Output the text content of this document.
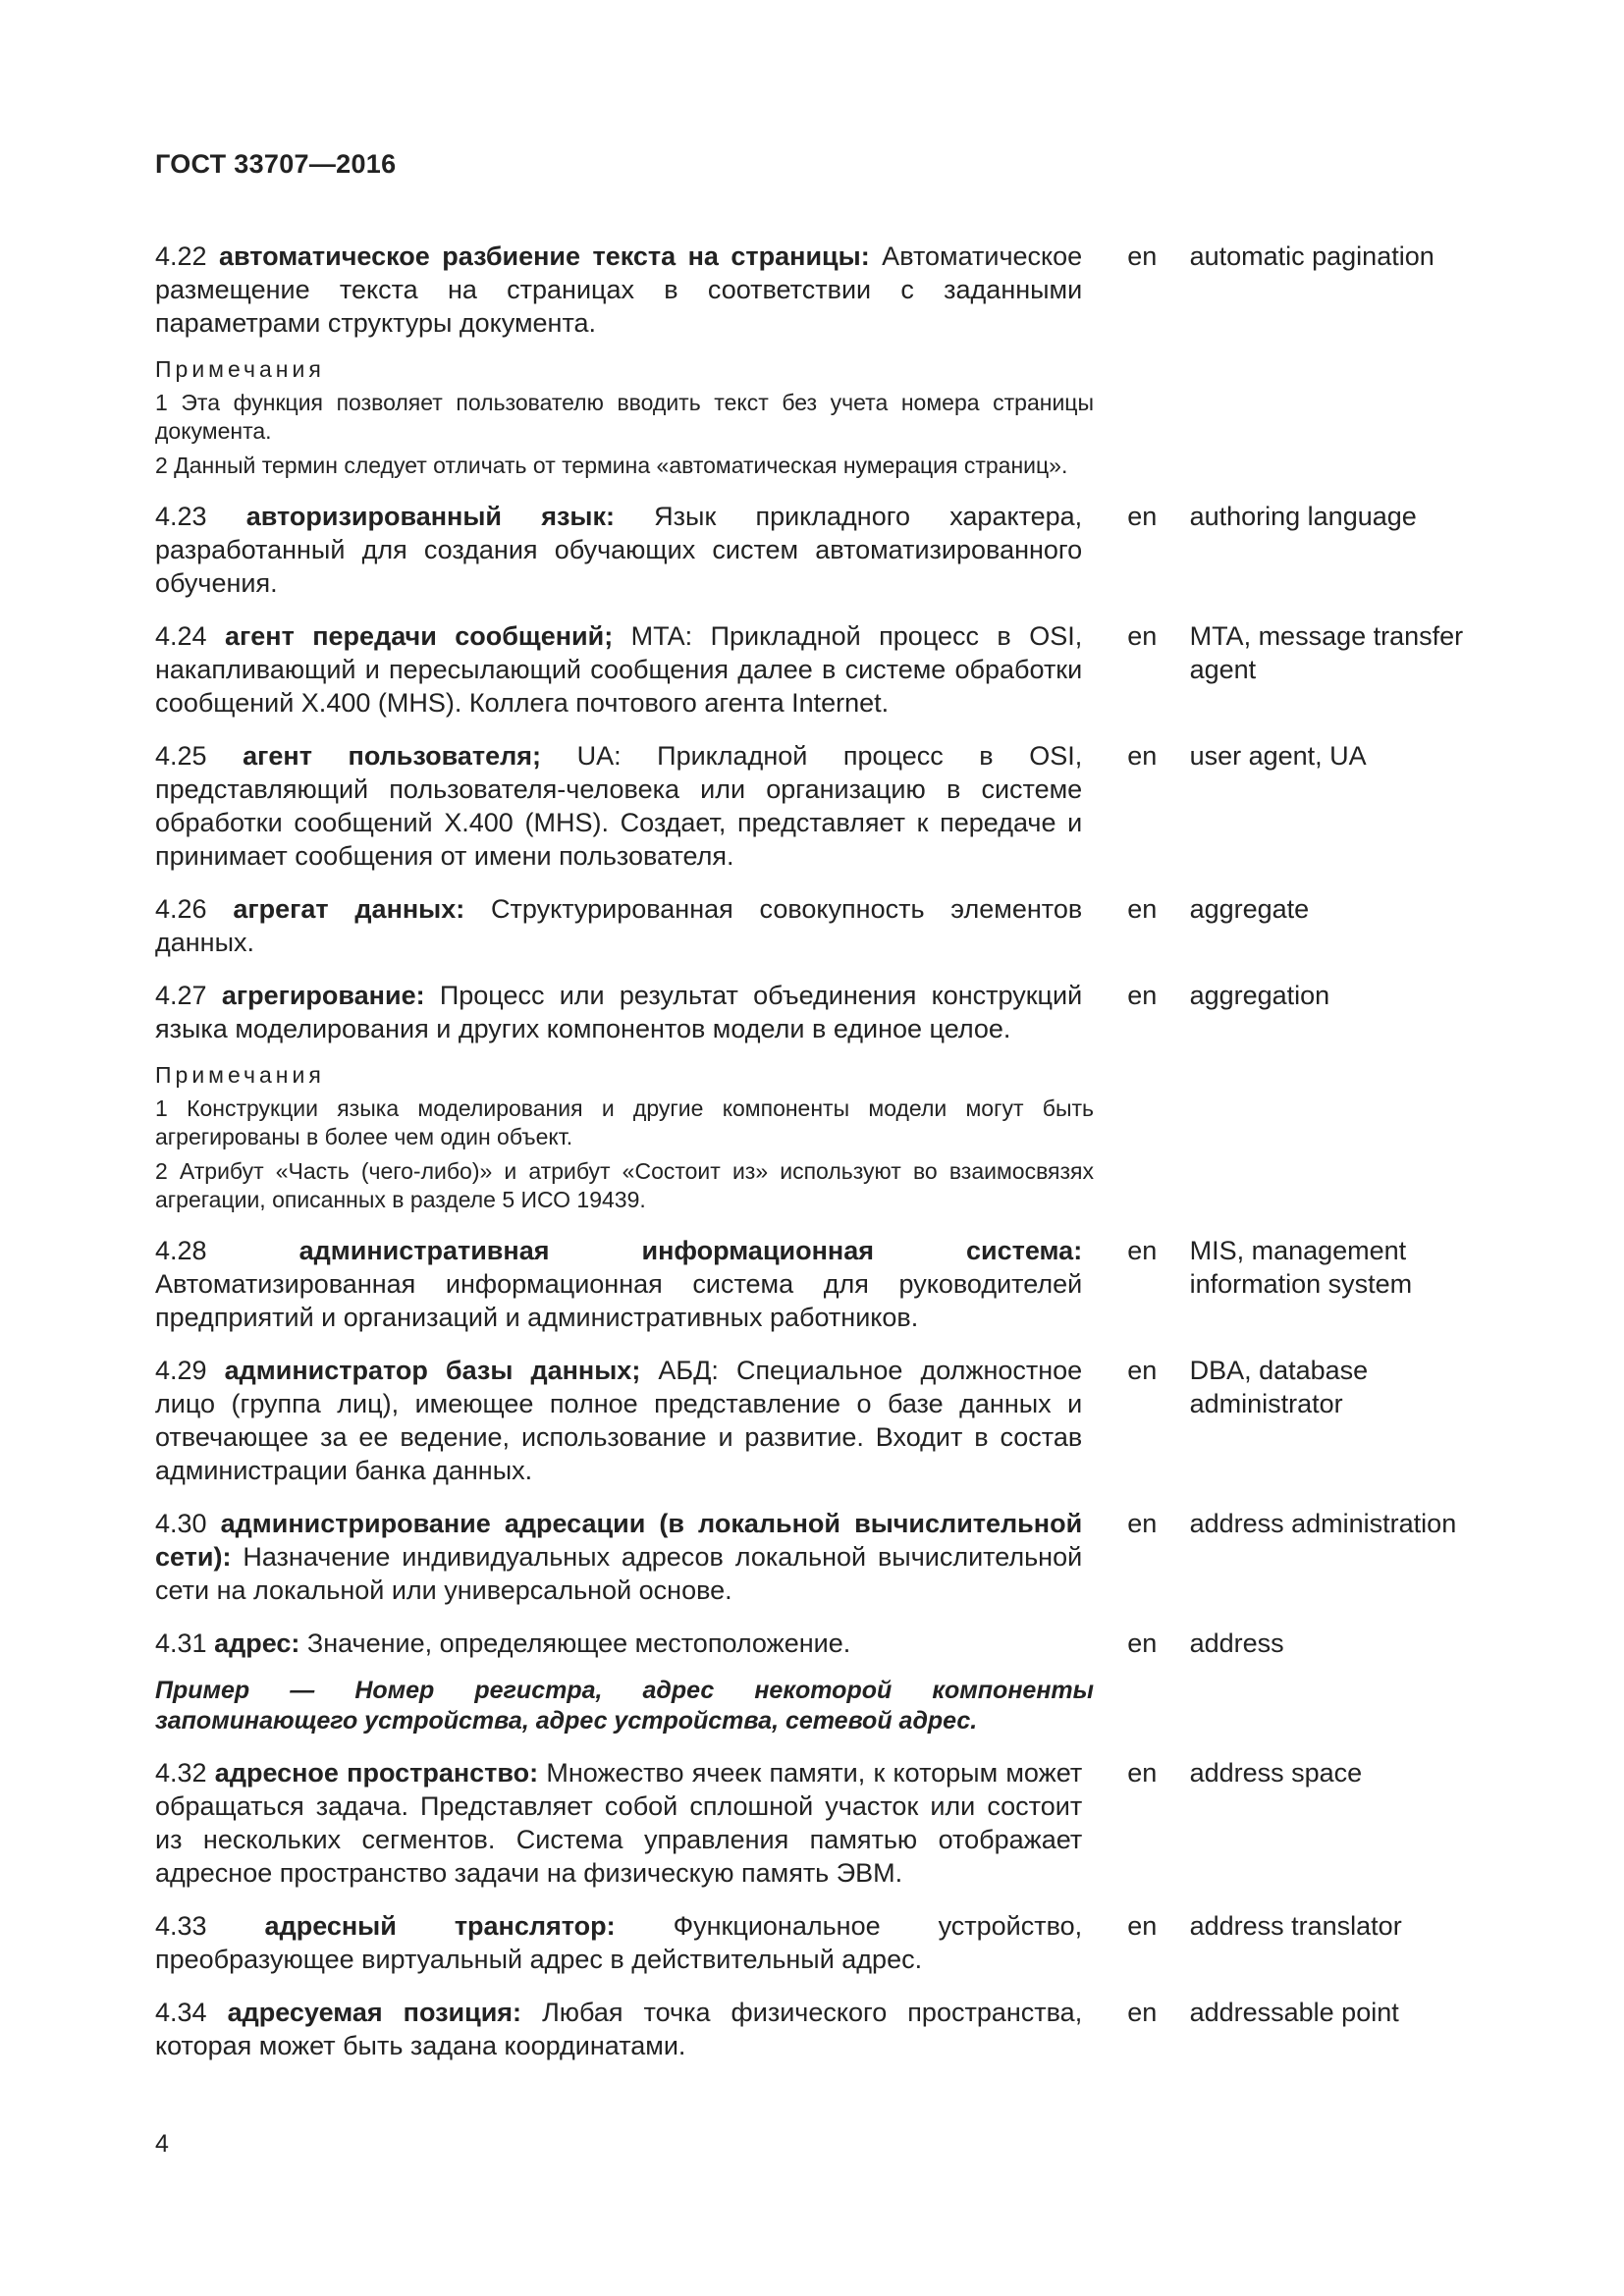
ГОСТ 33707—2016
4.22 автоматическое разбиение текста на страницы: Автоматическое размещение текста на страницах в соответствии с заданными параметрами структуры документа.
en	automatic pagination
Примечания
1 Эта функция позволяет пользователю вводить текст без учета номера страницы документа.
2 Данный термин следует отличать от термина «автоматическая нумерация страниц».
4.23 авторизированный язык: Язык прикладного характера, разработанный для создания обучающих систем автоматизированного обучения.
en	authoring language
4.24 агент передачи сообщений; MTA: Прикладной процесс в OSI, накапливающий и пересылающий сообщения далее в системе обработки сообщений X.400 (MHS). Коллега почтового агента Internet.
en	MTA, message transfer agent
4.25 агент пользователя; UA: Прикладной процесс в OSI, представляющий пользователя-человека или организацию в системе обработки сообщений X.400 (MHS). Создает, представляет к передаче и принимает сообщения от имени пользователя.
en	user agent, UA
4.26 агрегат данных: Структурированная совокупность элементов данных.
en	aggregate
4.27 агрегирование: Процесс или результат объединения конструкций языка моделирования и других компонентов модели в единое целое.
en	aggregation
Примечания
1 Конструкции языка моделирования и другие компоненты модели могут быть агрегированы в более чем один объект.
2 Атрибут «Часть (чего-либо)» и атрибут «Состоит из» используют во взаимосвязях агрегации, описанных в разделе 5 ИСО 19439.
4.28	административная информационная система: Автоматизированная информационная система для руководителей предприятий и организаций и административных работников.
en	MIS, management information system
4.29 администратор базы данных; АБД: Специальное должностное лицо (группа лиц), имеющее полное представление о базе данных и отвечающее за ее ведение, использование и развитие. Входит в состав администрации банка данных.
en	DBA, database administrator
4.30 администрирование адресации (в локальной вычислительной сети): Назначение индивидуальных адресов локальной вычислительной сети на локальной или универсальной основе.
en	address administration
4.31 адрес: Значение, определяющее местоположение.	en	address
Пример — Номер регистра, адрес некоторой компоненты запоминающего устройства, адрес устройства, сетевой адрес.
4.32 адресное пространство: Множество ячеек памяти, к которым может обращаться задача. Представляет собой сплошной участок или состоит из нескольких сегментов. Система управления памятью отображает адресное пространство задачи на физическую память ЭВМ.
en	address space
4.33 адресный транслятор: Функциональное устройство, преобразующее виртуальный адрес в действительный адрес.
en	address translator
4.34 адресуемая позиция: Любая точка физического пространства, которая может быть задана координатами.
en	addressable point
4
